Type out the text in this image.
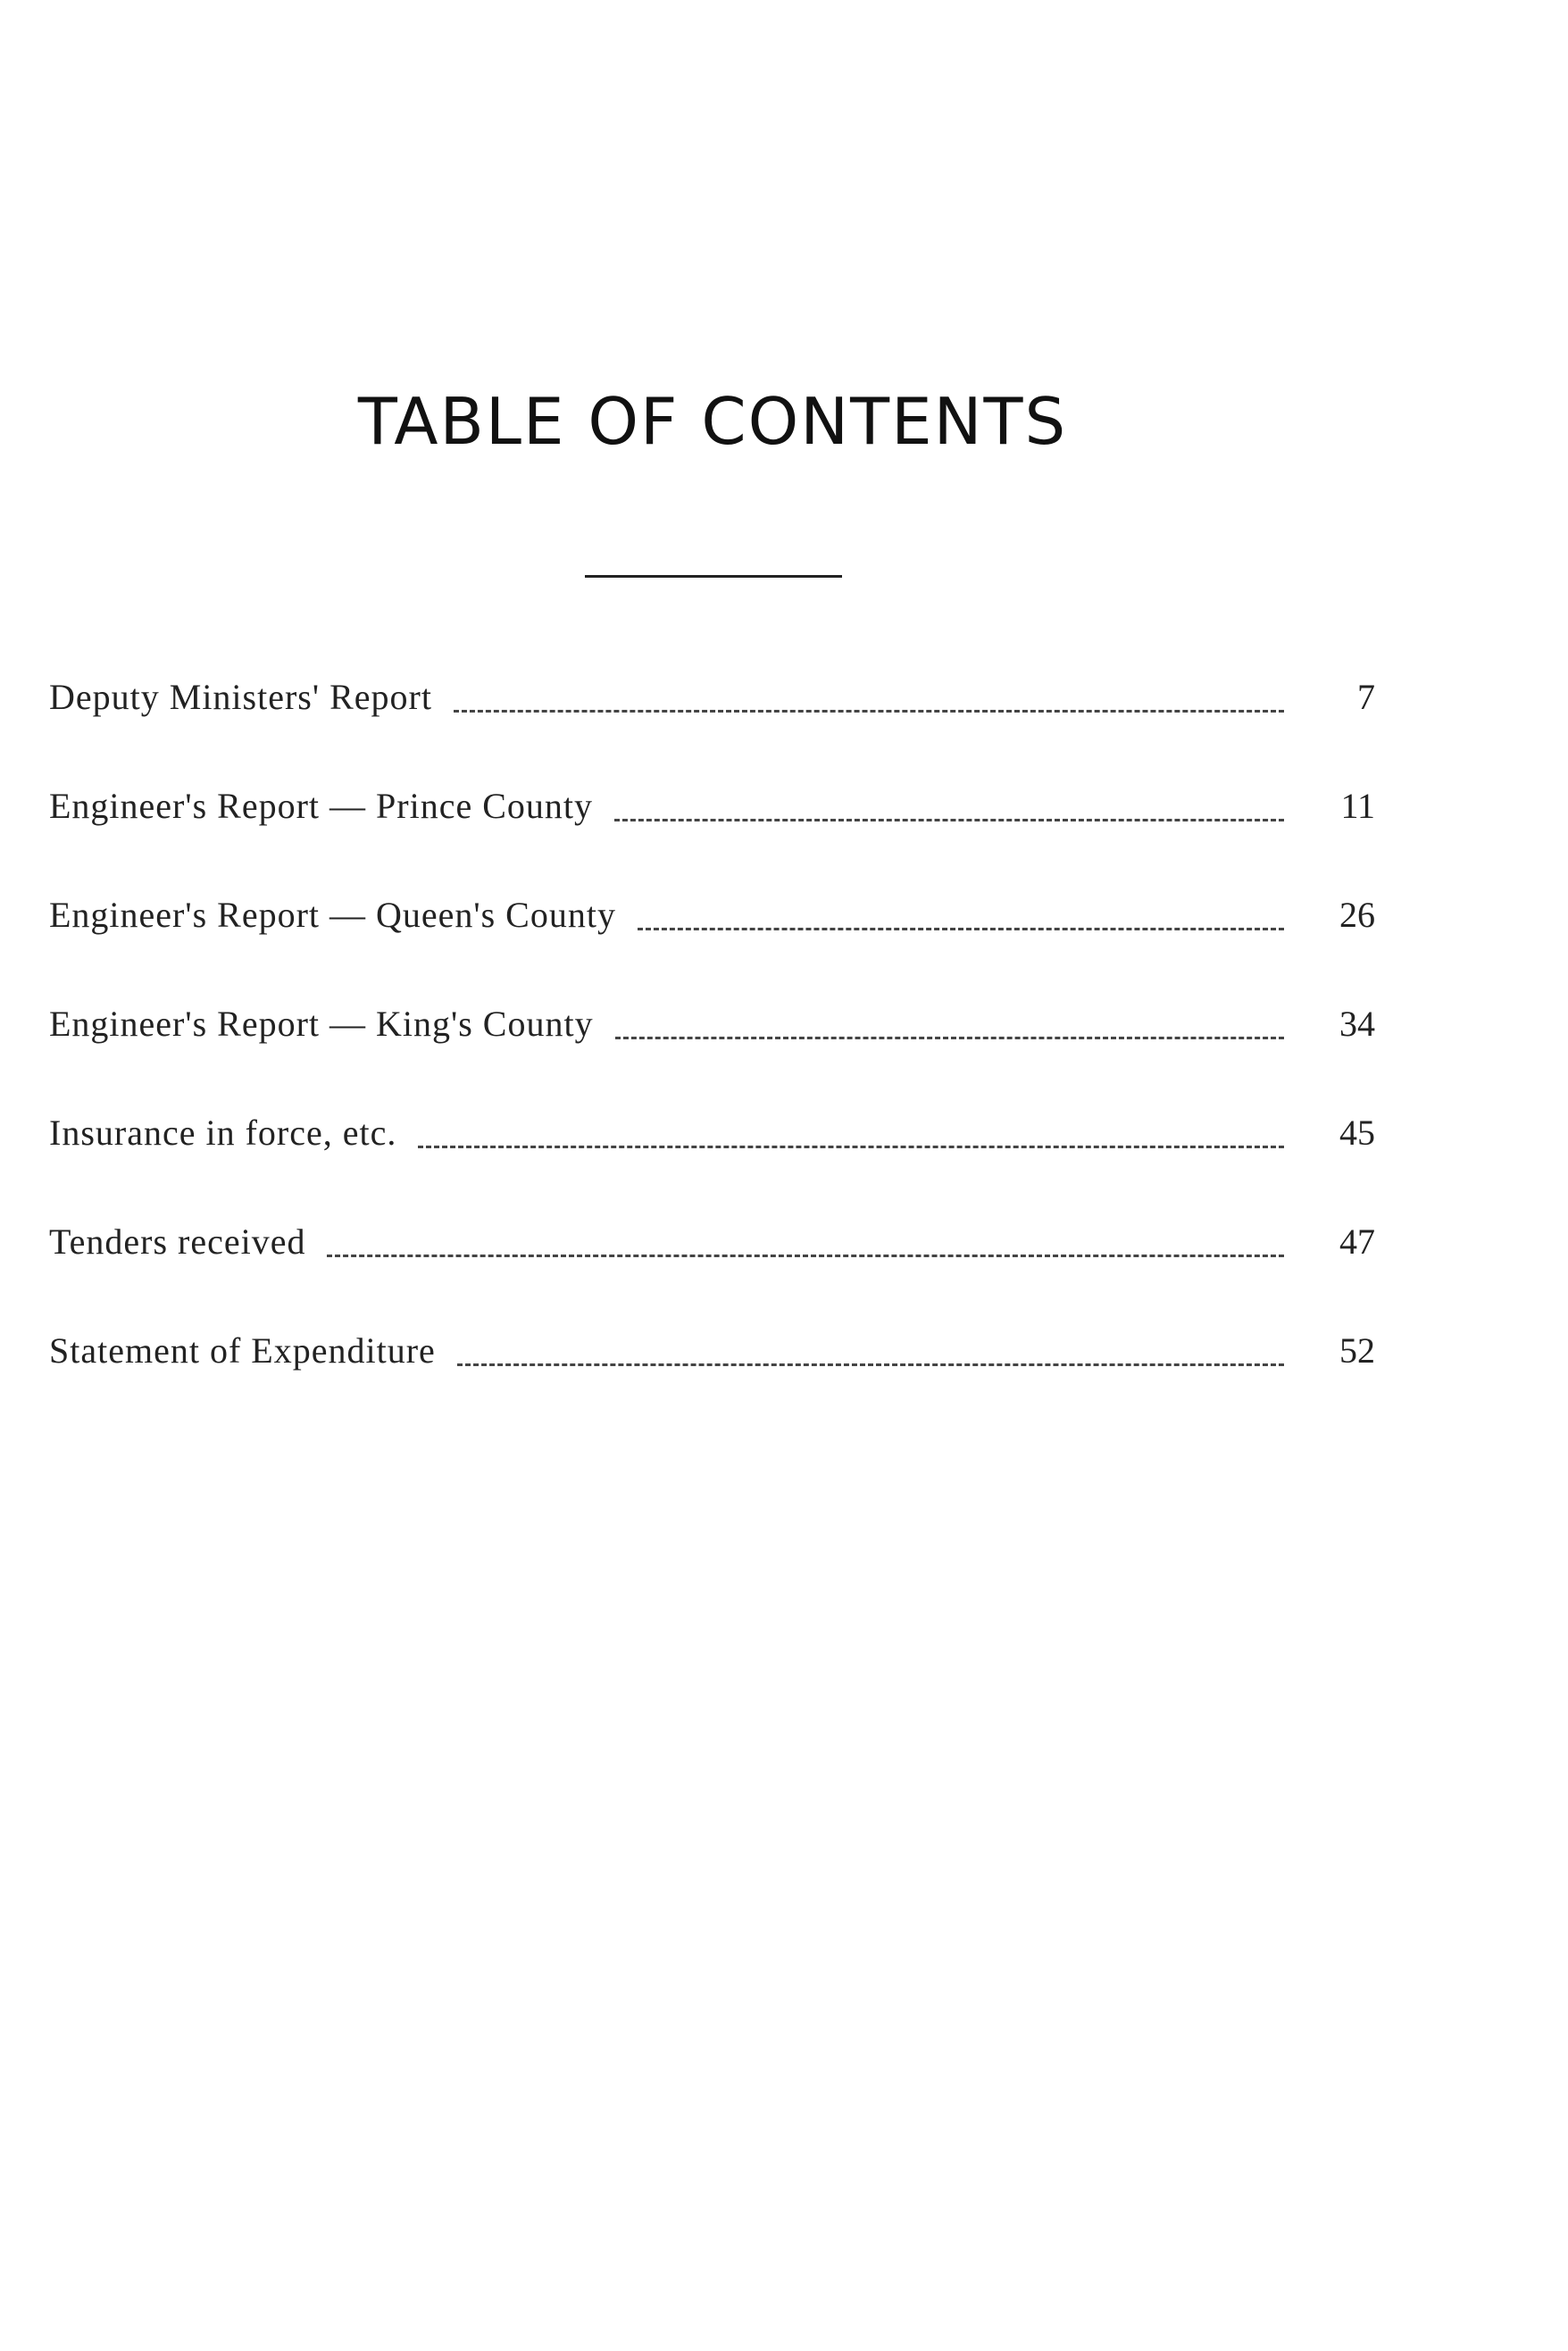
TABLE OF CONTENTS
Deputy Ministers' Report	7
Engineer's Report — Prince County	11
Engineer's Report — Queen's County	26
Engineer's Report — King's County	34
Insurance in force, etc.	45
Tenders received	47
Statement of Expenditure	52
